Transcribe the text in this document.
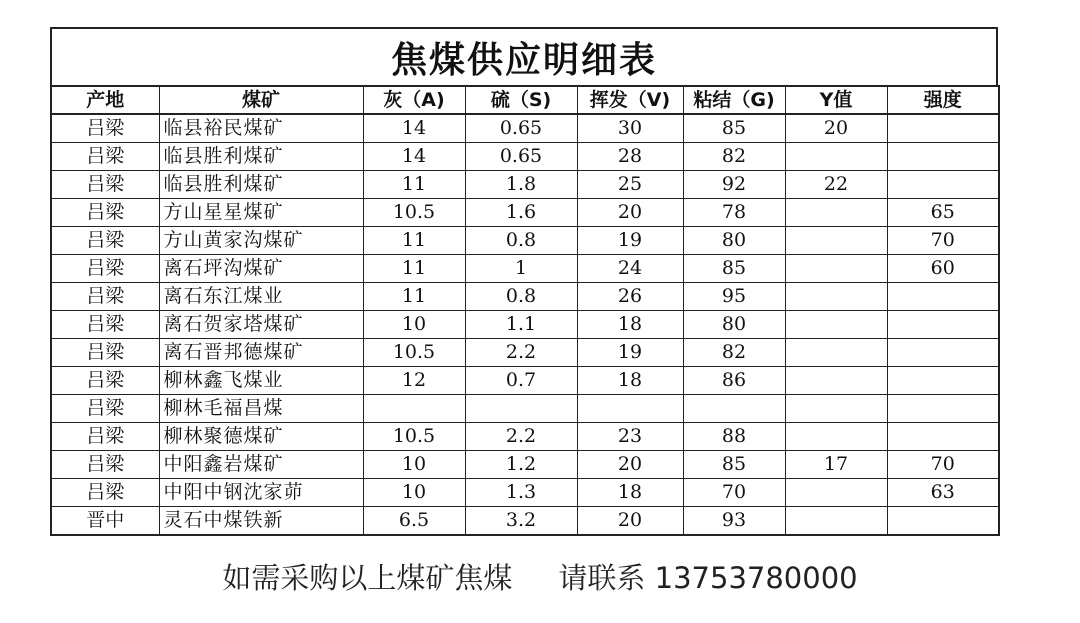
焦煤供应明细表
产地	煤矿	灰（A)	硫（S)	挥发（V)	粘结（G)	Y值	强度
吕梁	临县裕民煤矿	14	0.65	30	85	20	
吕梁	临县胜利煤矿	14	0.65	28	82		
吕梁	临县胜利煤矿	11	1.8	25	92	22	
吕梁	方山星星煤矿	10.5	1.6	20	78		65
吕梁	方山黄家沟煤矿	11	0.8	19	80		70
吕梁	离石坪沟煤矿	11	1	24	85		60
吕梁	离石东江煤业	11	0.8	26	95		
吕梁	离石贺家塔煤矿	10	1.1	18	80		
吕梁	离石晋邦德煤矿	10.5	2.2	19	82		
吕梁	柳林鑫飞煤业	12	0.7	18	86		
吕梁	柳林毛福昌煤						
吕梁	柳林聚德煤矿	10.5	2.2	23	88		
吕梁	中阳鑫岩煤矿	10	1.2	20	85	17	70
吕梁	中阳中钢沈家茆	10	1.3	18	70		63
晋中	灵石中煤铁新	6.5	3.2	20	93		
如需采购以上煤矿焦煤 请联系 13753780000
